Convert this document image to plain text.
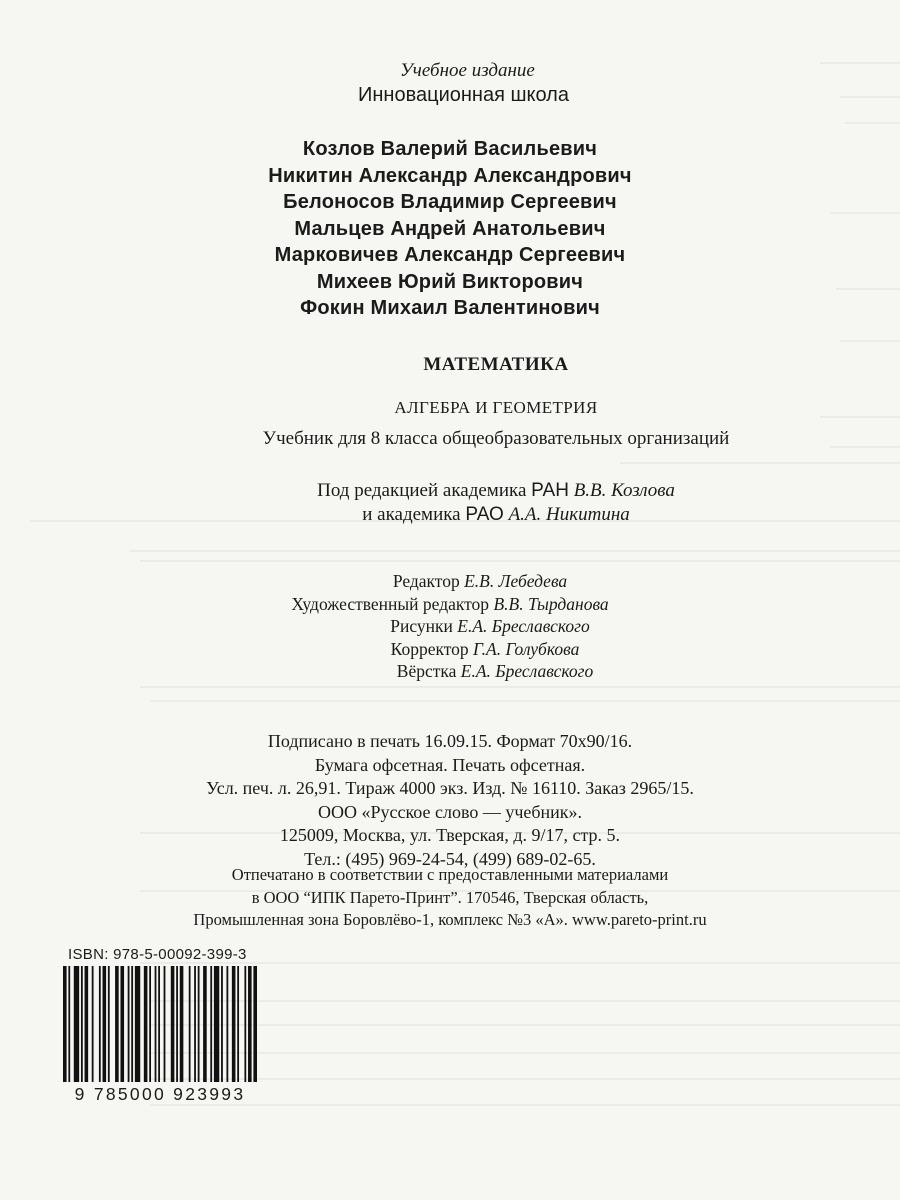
Учебное издание
Инновационная школа
Козлов Валерий Васильевич
Никитин Александр Александрович
Белоносов Владимир Сергеевич
Мальцев Андрей Анатольевич
Марковичев Александр Сергеевич
Михеев Юрий Викторович
Фокин Михаил Валентинович
МАТЕМАТИКА
АЛГЕБРА И ГЕОМЕТРИЯ
Учебник для 8 класса общеобразовательных организаций
Под редакцией академика РАН В.В. Козлова
и академика РАО А.А. Никитина
Редактор Е.В. Лебедева
Художественный редактор В.В. Тырданова
Рисунки Е.А. Бреславского
Корректор Г.А. Голубкова
Вёрстка Е.А. Бреславского
Подписано в печать 16.09.15. Формат 70х90/16.
Бумага офсетная. Печать офсетная.
Усл. печ. л. 26,91. Тираж 4000 экз. Изд. № 16110. Заказ 2965/15.
ООО «Русское слово — учебник».
125009, Москва, ул. Тверская, д. 9/17, стр. 5.
Тел.: (495) 969-24-54, (499) 689-02-65.
Отпечатано в соответствии с предоставленными материалами
в ООО “ИПК Парето-Принт”. 170546, Тверская область,
Промышленная зона Боровлёво-1, комплекс №3 «А». www.pareto-print.ru
ISBN: 978-5-00092-399-3
9 785000 923993
